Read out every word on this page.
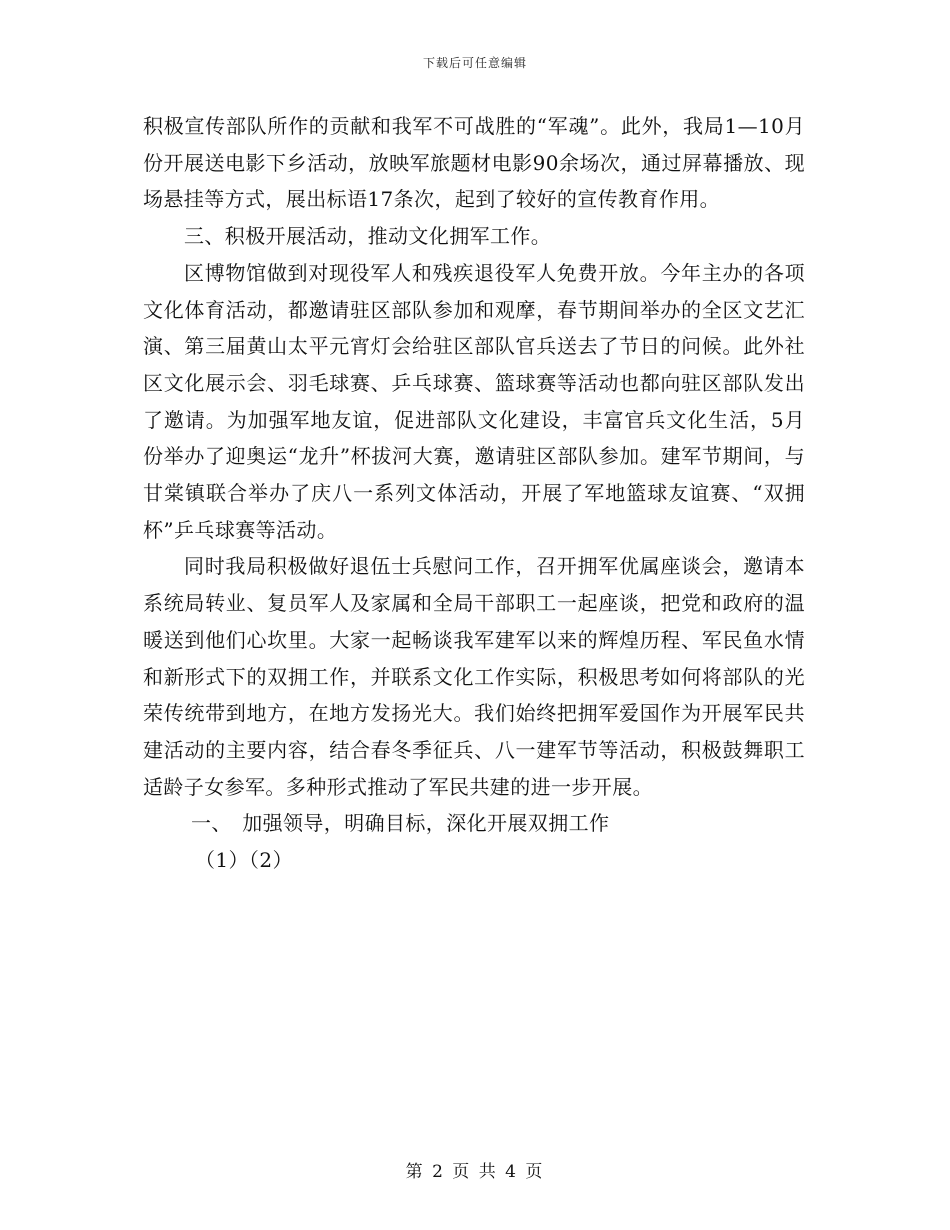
下载后可任意编辑

积极宣传部队所作的贡献和我军不可战胜的“军魂”。此外，我局1—10月份开展送电影下乡活动，放映军旅题材电影90余场次，通过屏幕播放、现场悬挂等方式，展出标语17条次，起到了较好的宣传教育作用。

三、积极开展活动，推动文化拥军工作。

区博物馆做到对现役军人和残疾退役军人免费开放。今年主办的各项文化体育活动，都邀请驻区部队参加和观摩，春节期间举办的全区文艺汇演、第三届黄山太平元宵灯会给驻区部队官兵送去了节日的问候。此外社区文化展示会、羽毛球赛、乒乓球赛、篮球赛等活动也都向驻区部队发出了邀请。为加强军地友谊，促进部队文化建设，丰富官兵文化生活，5月份举办了迎奥运“龙升”杯拔河大赛，邀请驻区部队参加。建军节期间，与甘棠镇联合举办了庆八一系列文体活动，开展了军地篮球友谊赛、“双拥杯”乒乓球赛等活动。

同时我局积极做好退伍士兵慰问工作，召开拥军优属座谈会，邀请本系统局转业、复员军人及家属和全局干部职工一起座谈，把党和政府的温暖送到他们心坎里。大家一起畅谈我军建军以来的辉煌历程、军民鱼水情和新形式下的双拥工作，并联系文化工作实际，积极思考如何将部队的光荣传统带到地方，在地方发扬光大。我们始终把拥军爱国作为开展军民共建活动的主要内容，结合春冬季征兵、八一建军节等活动，积极鼓舞职工适龄子女参军。多种形式推动了军民共建的进一步开展。

一、　加强领导，明确目标，深化开展双拥工作

（1）（2）

第 2 页 共 4 页
